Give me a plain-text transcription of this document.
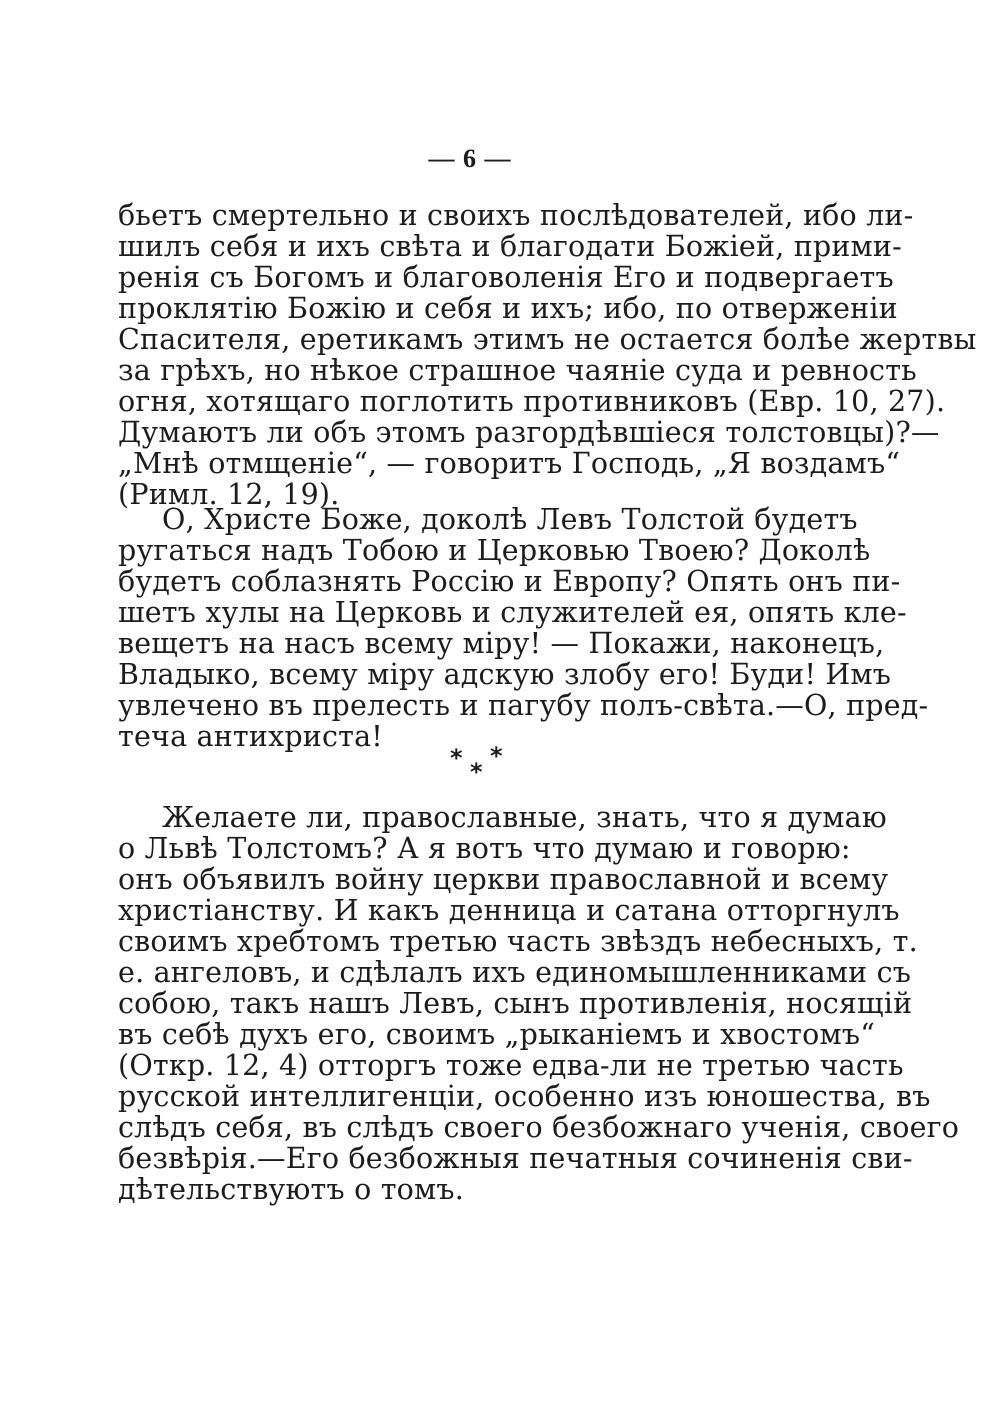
— 6 —
бьетъ смертельно и своихъ послѣдователей, ибо ли-
шилъ себя и ихъ свѣта и благодати Божіей, прими-
ренія съ Богомъ и благоволенія Его и подвергаетъ
проклятію Божію и себя и ихъ; ибо, по отверженіи
Спасителя, еретикамъ этимъ не остается болѣе жертвы
за грѣхъ, но нѣкое страшное чаяніе суда и ревность
огня, хотящаго поглотить противниковъ (Евр. 10, 27).
Думаютъ ли объ этомъ разгордѣвшіеся толстовцы)?—
„Мнѣ отмщеніе“, — говоритъ Господь, „Я воздамъ“
(Римл. 12, 19).
О, Христе Боже, доколѣ Левъ Толстой будетъ
ругаться надъ Тобою и Церковью Твоею? Доколѣ
будетъ соблазнять Россію и Европу? Опять онъ пи-
шетъ хулы на Церковь и служителей ея, опять кле-
вещетъ на насъ всему міру! — Покажи, наконецъ,
Владыко, всему міру адскую злобу его! Буди! Имъ
увлечено въ прелесть и пагубу полъ-свѣта.—О, пред-
теча антихриста!
* *
*
Желаете ли, православные, знать, что я думаю
о Львѣ Толстомъ? А я вотъ что думаю и говорю:
онъ объявилъ войну церкви православной и всему
христіанству. И какъ денница и сатана отторгнулъ
своимъ хребтомъ третью часть звѣздъ небесныхъ, т.
е. ангеловъ, и сдѣлалъ ихъ единомышленниками съ
собою, такъ нашъ Левъ, сынъ противленія, носящій
въ себѣ духъ его, своимъ „рыканіемъ и хвостомъ“
(Откр. 12, 4) отторгъ тоже едва-ли не третью часть
русской интеллигенціи, особенно изъ юношества, въ
слѣдъ себя, въ слѣдъ своего безбожнаго ученія, своего
безвѣрія.—Его безбожныя печатныя сочиненія сви-
дѣтельствуютъ о томъ.
